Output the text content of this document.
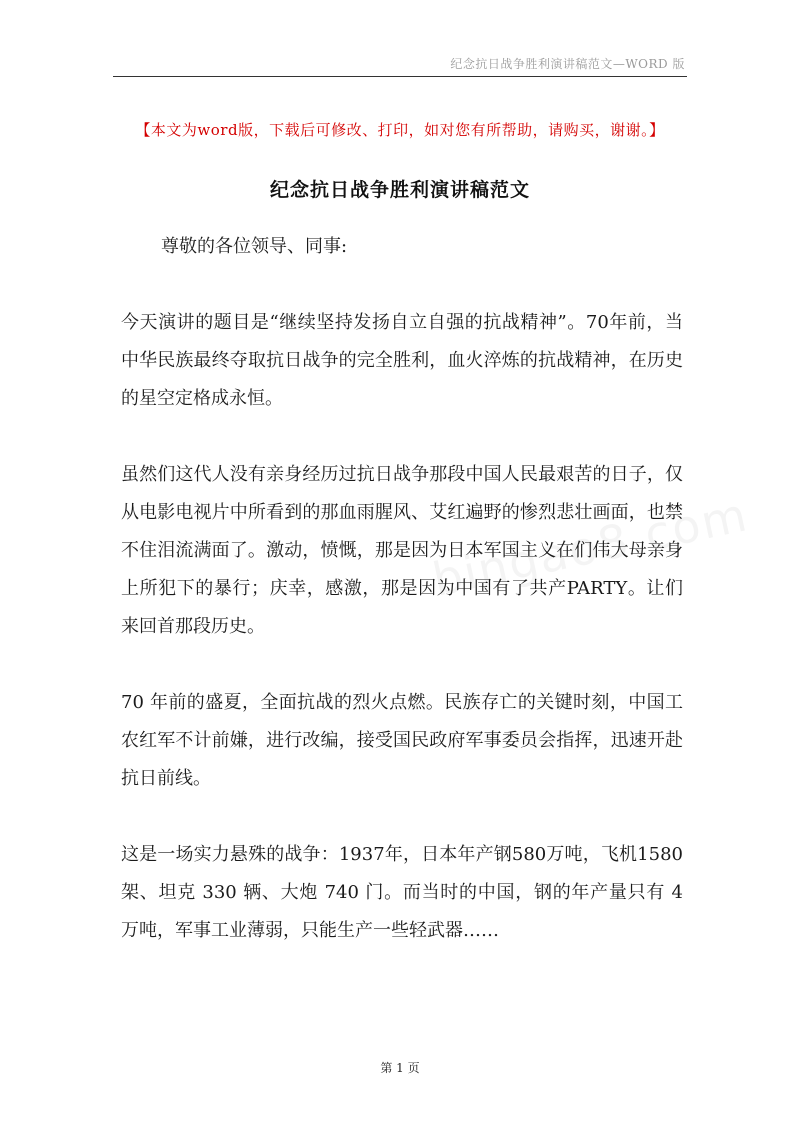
纪念抗日战争胜利演讲稿范文—WORD 版
【本文为word版，下载后可修改、打印，如对您有所帮助，请购买，谢谢。】
纪念抗日战争胜利演讲稿范文

尊敬的各位领导、同事:

今天演讲的题目是“继续坚持发扬自立自强的抗战精神”。70年前，当中华民族最终夺取抗日战争的完全胜利，血火淬炼的抗战精神，在历史的星空定格成永恒。

虽然们这代人没有亲身经历过抗日战争那段中国人民最艰苦的日子，仅从电影电视片中所看到的那血雨腥风、艾红遍野的惨烈悲壮画面，也禁不住泪流满面了。激动，愤慨，那是因为日本军国主义在们伟大母亲身上所犯下的暴行；庆幸，感激，那是因为中国有了共产PARTY。让们来回首那段历史。

70 年前的盛夏，全面抗战的烈火点燃。民族存亡的关键时刻，中国工农红军不计前嫌，进行改编，接受国民政府军事委员会指挥，迅速开赴抗日前线。

这是一场实力悬殊的战争：1937年，日本年产钢580万吨，飞机1580架、坦克 330 辆、大炮 740 门。而当时的中国，钢的年产量只有 4 万吨，军事工业薄弱，只能生产一些轻武器……

第 1 页
